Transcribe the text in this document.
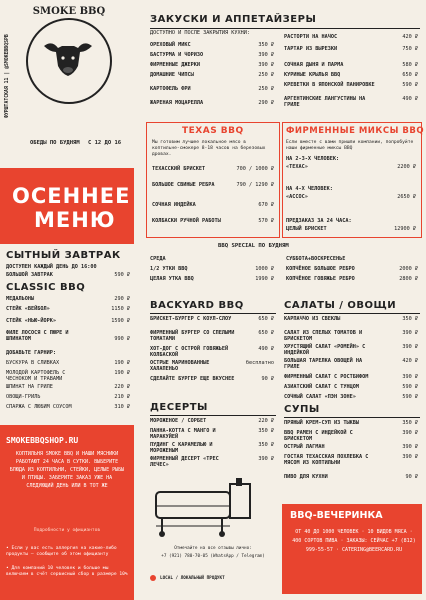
SMOKE BBQ
ФУРШТАТСКАЯ 11 | @SMOKEBBQSPB
ОБЕДЫ ПО БУДНЯМ С 12 ДО 16
ОСЕННЕЕ
МЕНЮ
СЫТНЫЙ ЗАВТРАК
ДОСТУПЕН КАЖДЫЙ ДЕНЬ ДО 16:00
БОЛЬШОЙ ЗАВТРАК	590 ₽
CLASSIC BBQ
МЕДАЛЬОНЫ	290 ₽
СТЕЙК «ВЕЙБОЛ»	1150 ₽
СТЕЙК «НЬЮ-ЙОРК»	1590 ₽
ФИЛЕ ЛОСОСЯ С ПЮРЕ И ШПИНАТОМ	990 ₽
ДОБАВЬТЕ ГАРНИР:
БУСКУРА В СЛИВКАХ	190 ₽
МОЛОДОЙ КАРТОФЕЛЬ С ЧЕСНОКОМ И ТРАВАМИ
190 ₽
ШПИНАТ НА ГРИЛЕ	220 ₽
ОВОЩИ-ГРИЛЬ	210 ₽
СПАРЖА С ЛЮБИМ СОУСОМ	310 ₽
SMOKEBBQSHOP.RU
КОПТИЛЬНЯ SMOKE BBQ И НАШИ МЯСНИКИ РАБОТАЮТ 24 ЧАСА В СУТКИ. ВЫБЕРИТЕ БЛЮДА ИЗ КОПТИЛЬНИ, СТЕЙКИ, ЦЕЛЫЕ РЫБЫ И ПТИЦЫ. ЗАБЕРИТЕ ЗАКАЗ УЖЕ НА СЛЕДУЮЩИЙ ДЕНЬ ИЛИ В ТОТ ЖЕ
Подробности у официантов
• Если у вас есть аллергия на какие-либо продукты — сообщите об этом официанту
• Для компаний 10 человек и больше мы включаем в счёт сервисный сбор в размере 10%
ЗАКУСКИ И АППЕТАЙЗЕРЫ
ДОСТУПНО И ПОСЛЕ ЗАКРЫТИЯ КУХНИ:
ОРЕХОВЫЙ МИКС	350 ₽
БАСТУРМА И ЧОРИЗО	390 ₽
ФИРМЕННЫЕ ДЖЕРКИ	390 ₽
ДОМАШНИЕ ЧИПСЫ	250 ₽
КАРТОФЕЛЬ ФРИ	250 ₽
ЖАРЕНАЯ МОЦАРЕЛЛА	290 ₽
РАСТОРТИ НА НАЧОС	420 ₽
ТАРТАР ИЗ ВЫРЕЗКИ	750 ₽
СОЧНАЯ ДЫНЯ И ПАРМА	580 ₽
КУРИНЫЕ КРЫЛЬЯ BBQ	650 ₽
КРЕВЕТКИ В ЯПОНСКОЙ ПАНИРОВКЕ	590 ₽
АРГЕНТИНСКИЕ ЛАНГУСТИНЫ НА ГРИЛЕ
490 ₽
TEXAS BBQ
Мы готовим лучшее локальное мясо в коптильне-смокере 8-18 часов на березовых дровах.
ТЕХАССКИЙ БРИСКЕТ	700 / 1000 ₽
БОЛЬШОЕ СВИНЫЕ РЕБРА	790 / 1290 ₽
СОЧНАЯ ИНДЕЙКА	670 ₽
КОЛБАСКИ РУЧНОЙ РАБОТЫ	570 ₽
ФИРМЕННЫЕ МИКСЫ BBQ
Если вместе с вами пришли компании, попробуйте наши фирменные миксы BBQ
НА 2-3-Х ЧЕЛОВЕК:
«ТЕХАС»	2200 ₽
НА 4-Х ЧЕЛОВЕК:
«АССОС»	2650 ₽
ПРЕДЗАКАЗ ЗА 24 ЧАСА:
ЦЕЛЫЙ БРИСКЕТ	12900 ₽
BBQ SPECIAL ПО БУДНЯМ
СРЕДА
1/2 УТКИ BBQ	1000 ₽
ЦЕЛАЯ УТКА BBQ	1990 ₽
СУББОТА+ВОСКРЕСЕНЬЕ
КОПЧЁНОЕ БОЛЬШОЕ РЕБРО	2000 ₽
КОПЧЁНОЕ ГОВЯЖЬЕ РЕБРО	2800 ₽
BACKYARD BBQ
БРИСКЕТ-БУРГЕР С КОУЛ-СЛОУ	650 ₽
ФИРМЕННЫЙ БУРГЕР СО СПЕЛЫМИ ТОМАТАМИ
650 ₽
ХОТ-ДОГ С ОСТРОЙ ГОВЯЖЬЕЙ КОЛБАСКОЙ
490 ₽
ОСТРЫЕ МАРИНОВАННЫЕ ХАЛАПЕНЬО
бесплатно
СДЕЛАЙТЕ БУРГЕР ЕЩЕ ВКУСНЕЕ	90 ₽
САЛАТЫ / ОВОЩИ
КАРПАЧЧО ИЗ СВЕКЛЫ	350 ₽
САЛАТ ИЗ СПЕЛЫХ ТОМАТОВ И БРИСКЕТОМ
390 ₽
ХРУСТЯЩИЙ САЛАТ «РОМЕЙН» С ИНДЕЙКОЙ
390 ₽
БОЛЬШАЯ ТАРЕЛКА ОВОЩЕЙ НА ГРИЛЕ
420 ₽
ФИРМЕННЫЙ САЛАТ С РОСТБИФОМ	390 ₽
АЗИАТСКИЙ САЛАТ С ТУНЦОМ	590 ₽
СОЧНЫЙ САЛАТ «ПЭН ЗОНЕ»	590 ₽
ДЕСЕРТЫ
МОРОЖЕНОЕ / СОРБЕТ	220 ₽
ПАННА-КОТТА С МАНГО И МАРАКУЙЕЙ
350 ₽
ПУДИНГ С КАРАМЕЛЬЮ И МОРОЖЕНЫМ
350 ₽
ФИРМЕННЫЙ ДЕСЕРТ «ТРЕС ЛЕЧЕС»
390 ₽
Отмечайте на все отзывы лично:
+7 (921) 780-70-05 (WhatsApp / Telegram)
LOCAL / ЛОКАЛЬНЫЙ ПРОДУКТ
СУПЫ
ПРЯНЫЙ КРЕМ-СУП ИЗ ТЫКВЫ	350 ₽
BBQ РАМЕН С ИНДЕЙКОЙ С БРИСКЕТОМ
390 ₽
ОСТРЫЙ ЛАГМАН	390 ₽
ГОСТАЯ ТЕХАССКАЯ ПОХЛЕБКА С МЯСОМ ИЗ КОПТИЛЬНИ
390 ₽
ПИВО ДЛЯ КУХНИ	90 ₽
BBQ-ВЕЧЕРИНКА
ОТ 40 ДО 1000 ЧЕЛОВЕК · 10 ВИДОВ МЯСА · 400 СОРТОВ ПИВА · ЗАКАЗЫ: СЕЙЧАС +7 (812) 999-55-57 · CATERING@BEERCARD.RU
